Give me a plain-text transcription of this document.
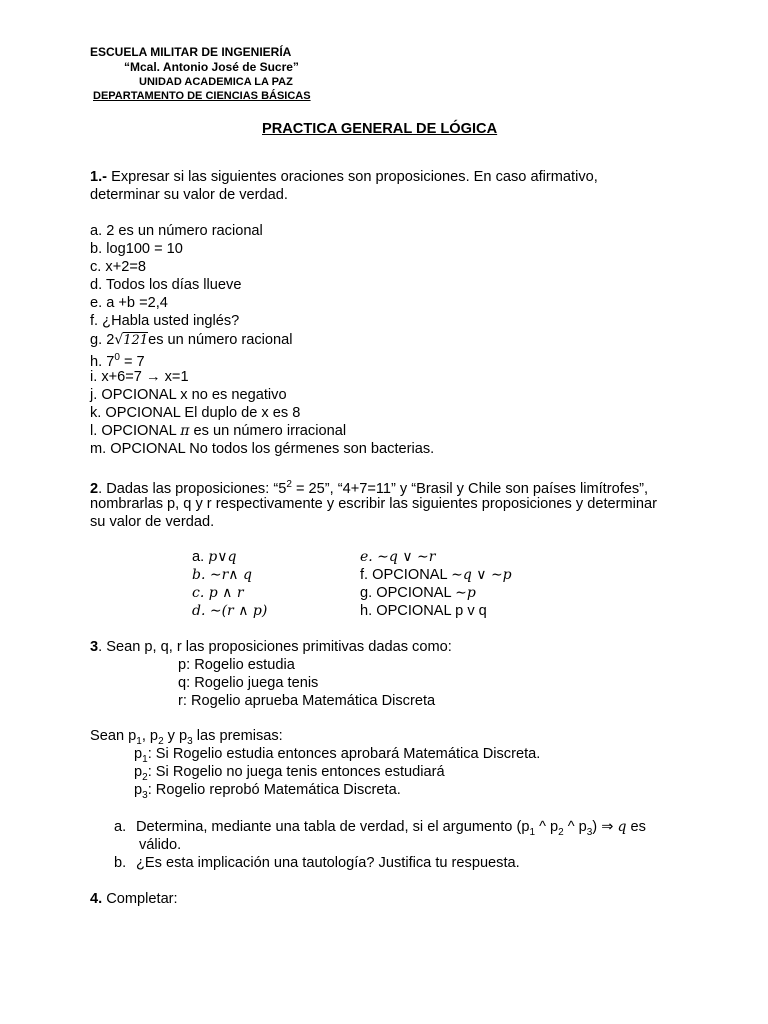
ESCUELA MILITAR DE INGENIERÍA
“Mcal. Antonio José de Sucre”
UNIDAD ACADEMICA LA PAZ
DEPARTAMENTO DE CIENCIAS BÁSICAS
PRACTICA GENERAL DE LÓGICA
1.- Expresar si las siguientes oraciones son proposiciones. En caso afirmativo,
determinar su valor de verdad.
a. 2 es un número racional
b. log100 = 10
c. x+2=8
d. Todos los días llueve
e. a +b =2,4
f. ¿Habla usted inglés?
g. 2√121es un número racional
h. $7^0 = 7$
i. x+6=7 → x=1
j. OPCIONAL x no es negativo
k. OPCIONAL El duplo de x es 8
l. OPCIONAL π es un número irracional
m. OPCIONAL No todos los gérmenes son bacterias.
2. Dadas las proposiciones: “$5^2 = 25$”, “4+7=11” y “Brasil y Chile son países limítrofes”,
nombrarlas p, q y r respectivamente y escribir las siguientes proposiciones y determinar
su valor de verdad.
a. p∨q
b. ∼r∧ q
c. p ∧ r
d. ∼(r ∧ p)
e. ∼q ∨ ∼r
f. OPCIONAL ∼q ∨ ∼p
g. OPCIONAL ∼p
h. OPCIONAL p v q
3. Sean p, q, r las proposiciones primitivas dadas como:
p: Rogelio estudia
q: Rogelio juega tenis
r: Rogelio aprueba Matemática Discreta
Sean $p_1$, $p_2$ y $p_3$ las premisas:
$p_1$: Si Rogelio estudia entonces aprobará Matemática Discreta.
$p_2$: Si Rogelio no juega tenis entonces estudiará
$p_3$: Rogelio reprobó Matemática Discreta.
a. Determina, mediante una tabla de verdad, si el argumento ($p_1$ ^ $p_2$ ^ $p_3$) ⇒ q es
válido.
b. ¿Es esta implicación una tautología? Justifica tu respuesta.
4. Completar:
